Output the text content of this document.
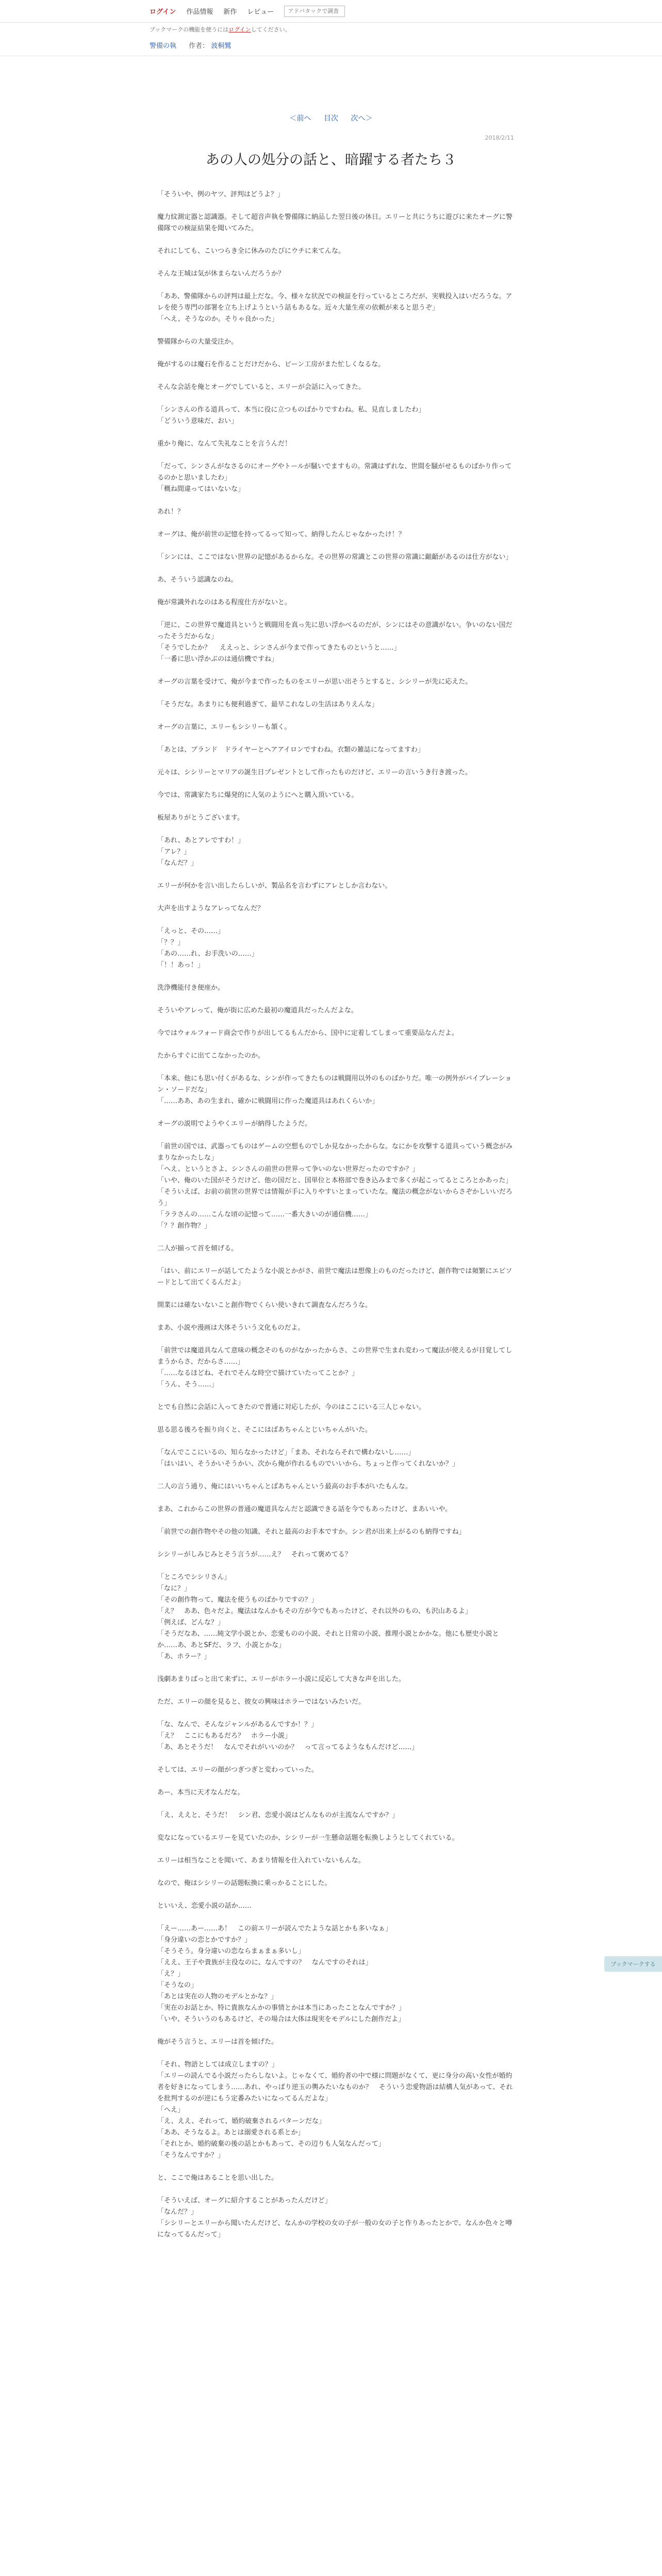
ログイン 作品情報 新作 レビュー
アドバタックで調査
ブックマークの機能を使うにはログインしてください。
警備の執 作者： 波桐鷺
＜前へ 目次 次へ＞
2018/2/11
あの人の処分の話と、暗躍する者たち３

「そういや、例のヤツ、評判はどうよ？」

魔力紋測定器と認識器。そして超音声執を警備隊に納品した翌日後の休日。エリーと共にうちに遊びに来たオーグに警備隊での検証結果を聞いてみた。

それにしても、こいつらき全に休みのたびにウチに来てんな。

そんな王城は気が休まらないんだろうか？

「ああ、警備隊からの評判は最上だな。今、様々な状況での検証を行っているところだが、実戦投入はいだろうな。アレを使う専門の部署を立ち上げようという話もあるな。近々大量生産の依頼が来ると思うぞ」

「へえ、そうなのか。そりゃ良かった」

警備隊からの大量受注か。

俺がするのは魔石を作ることだけだから、ビーン工房がまた忙しくなるな。

そんな会話を俺とオーグでしていると、エリーが会話に入ってきた。

「シンさんの作る道具って、本当に役に立つものばかりですわね。私、見直しましたわ」

「どういう意味だ、おい」

重かり俺に、なんて失礼なことを言うんだ！

「だって、シンさんがなさるのにオーグやトールが騒いでますもの。常識はずれな、世間を騒がせるものばかり作ってるのかと思いましたわ」

「概ね間違ってはいないな」

あれ！？

オーグは、俺が前世の記憶を持ってるって知って、納得したんじゃなかったけ！？

「シンには、ここではない世界の記憶があるからな。その世界の常識とこの世界の常識に齟齬があるのは仕方がない」

あ、そういう認識なのね。

俺が常識外れなのはある程度仕方がないと。

「逆に、この世界で魔道具というと戦闘用を真っ先に思い浮かべるのだが、シンにはその意識がない。争いのない国だったそうだからな」

「そうでしたか？ 　ええっと、シンさんが今まで作ってきたものというと……」

「一番に思い浮かぶのは通信機ですね」

オーグの言葉を受けて、俺が今まで作ったものをエリーが思い出そうとすると、シシリーが先に応えた。

「そうだな。あまりにも便利過ぎて、最早これなしの生活はありえんな」

オーグの言葉に、エリーもシシリーも頷く。

「あとは、ブランド　ドライヤーとヘアアイロンですわね。衣類の雑誌になってますわ」

元々は、シシリーとマリアの誕生日プレゼントとして作ったものだけど、エリーの言いうき行き渡った。

今では、常識家たちに爆発的に人気のようにへと購入頂いている。

板屋ありがとうございます。

「あれ、あとアレですわ！」

「アレ？」

「なんだ？」

エリーが何かを言い出したらしいが、製品名を言わずにアレとしか言わない。

大声を出すようなアレってなんだ？

「えっと、その……」

「？？」

「あの……れ、お手洗いの……」

「！！あっ！」

洗浄機能付き便座か。

そういやアレって、俺が街に広めた最初の魔道具だったんだよな。

今ではウォルフォード商会で作りが出してるもんだから、国中に定着してしまって重要品なんだよ。

たからすぐに出てこなかったのか。

「本来、他にも思い付くがあるな、シンが作ってきたものは戦闘用以外のものばかりだ。唯一の例外がバイブレーション・ソードだな」

「……ああ、あの生まれ、確かに戦闘用に作った魔道具はあれくらいか」

オーグの説明でようやくエリーが納得したようだ。

「前世の国では、武器ってものはゲームの空想ものでしか見なかったからな。なにかを攻撃する道具っていう概念がみまりなかったしな」

「へえ、というとさよ、シンさんの前世の世界って争いのない世界だったのですか？」

「いや、俺のいた国がそうだけど、他の国だと、国単位と本格部で巻き込みまで多くが起こってるところとかあった」

「そういえば、お前の前世の世界では情報が手に入りやすいとまっていたな。魔法の概念がないからさぞかしいいだろう」

「ララさんの……こんな頃の記憶って……一番大きいのが通信機……」

「？？創作物？」

二人が揃って首を傾げる。

「はい、前にエリーが話してたような小説とかがさ、前世で魔法は想像上のものだったけど、創作物では頻繁にエピソードとして出てくるんだよ」

開業には確ないないこと創作物でくらい使いきれて調査なんだろうな。

まあ、小説や漫画は大体そういう文化ものだよ。

「前世では魔道具なんて意味の概念そのものがなかったからさ、この世界で生まれ変わって魔法が使えるが目覚してしまうからさ、だからさ……」

「……なるほどね、それでそんな時空で描けていたってことか？」

「うん、そう……」

とでも自然に会話に入ってきたので普通に対応したが、今のはここにいる三人じゃない。

思る思る後ろを振り向くと、そこにはばあちゃんとじいちゃんがいた。

「なんでここにいるの、知らなかったけど」「まあ、それならそれで構わないし……」

「はいはい、そうかいそうかい、次から俺が作れるものでいいから、ちょっと作ってくれないか？」

二人の言う通り、俺にはいいちゃんとばあちゃんという最高のお手本がいたもんな。

まあ、これからこの世界の普通の魔道具なんだと認識できる話を今でもあったけど、まあいいや。

「前世での創作物やその他の知識、それと最高のお手本ですか。シン君が出来上がるのも納得ですね」

シシリーがしみじみとそう言うが……え？　それって褒めてる？

「ところでシシリさん」

「なに？」

「その創作物って、魔法を使うものばかりですの？」

「え？　ああ、色々だよ。魔法はなんかもその方が今でもあったけど、それ以外のもの、も沢山あるよ」

「例えば、どんな？」

「そうだなあ、……純文学小説とか、恋愛ものの小説、それと日常の小説、推理小説とかかな。他にも歴史小説とか……あ、あとSFだ、ラフ、小説とかな」

「あ、ホラー？」

浅劇あまりぱっと出て来ずに、エリーがホラー小説に反応して大きな声を出した。

ただ、エリーの顔を見ると、彼女の興味はホラーではないみたいだ。

「な、なんで、そんなジャンルがあるんですか！？」

「え？　ここにもあるだろ？　ホラー小説」

「あ、あとそうだ！　なんでそれがいいのか？　って言ってるようなもんだけど……」

そしては、エリーの顔がつぎつぎと変わっていった。

あー、本当に天才なんだな。

「え、ええと、そうだ！　シン君、恋愛小説はどんなものが主流なんですか？」

変なになっているエリーを見ていたのか、シシリーが一生懸命話題を転換しようとしてくれている。

エリーは相当なことを聞いて、あまり情報を仕入れていないもんな。

なので、俺はシシリーの話題転換に乗っかることにした。

といいえ、恋愛小説の話か……

「えー……あー……あ！　この前エリーが読んでたような話とかも多いなぁ」

「身分違いの恋とかですか？」

「そうそう。身分違いの恋ならまぁまぁ多いし」

「ええ、王子や貴族が主役なのに、なんですの？　なんですのそれは」

「え？」

「そうなの」

「あとは実在の人物のモデルとかな？」

「実在のお話とか、特に貴族なんかの事情とかは本当にあったことなんですか？」

「いや、そういうのもあるけど、その場合は大体は現実をモデルにした創作だよ」

俺がそう言うと、エリーは首を傾げた。

「それ、物語としては成立しますの？」

「エリーの読んでる小説だったらしないよ。じゃなくて、婚約者の中で様に問題がなくて、更に身分の高い女性が婚約者を好きになってしまう……あれ、やっぱり逆玉の輿みたいなものか？　そういう恋愛物語は結構人気があって、それを批判するのが逆にもう定番みたいになってるんだよな」

「へえ」

「え、ええ、それって、婚約破棄されるパターンだな」

「ああ、そうなるよ。あとは溺愛される系とか」

「それとか、婚約破棄の後の話とかもあって、その辺りも人気なんだって」

「そうなんですか？」

と、ここで俺はあることを思い出した。

「そういえば、オーグに紹介することがあったんだけど」

「なんだ？」

「シシリーとエリーから聞いたんだけど、なんかの学校の女の子が一般の女の子と作りあったとかで、なんか色々と噂になってるんだって」

ブックマークする
